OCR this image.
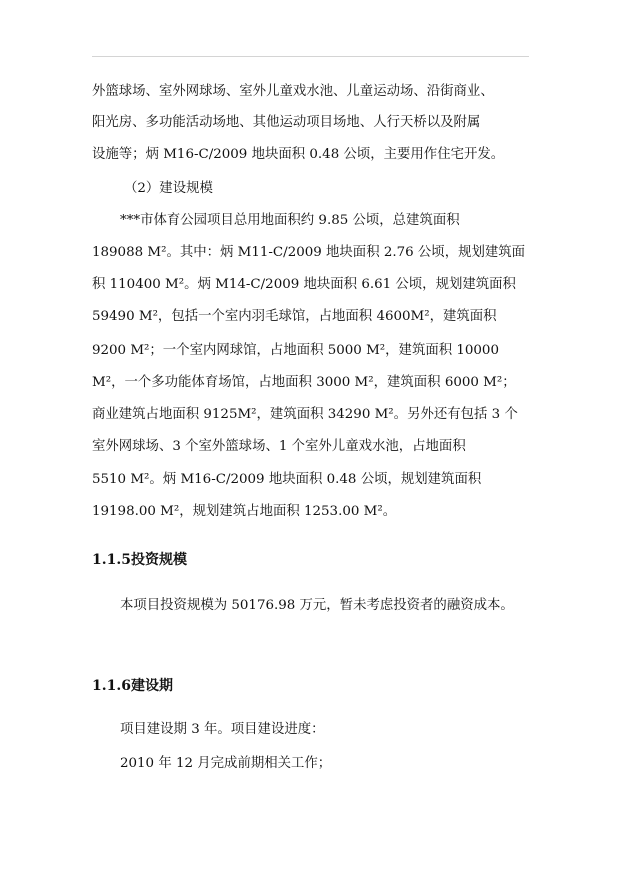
外篮球场、室外网球场、室外儿童戏水池、儿童运动场、沿街商业、
阳光房、多功能活动场地、其他运动项目场地、人行天桥以及附属
设施等；炳 M16-C/2009 地块面积 0.48 公顷，主要用作住宅开发。
（2）建设规模
***市体育公园项目总用地面积约 9.85 公顷，总建筑面积
189088 M²。其中：炳 M11-C/2009 地块面积 2.76 公顷，规划建筑面
积 110400 M²。炳 M14-C/2009 地块面积 6.61 公顷，规划建筑面积
59490 M²，包括一个室内羽毛球馆，占地面积 4600M²，建筑面积
9200 M²；一个室内网球馆，占地面积 5000 M²，建筑面积 10000
M²，一个多功能体育场馆，占地面积 3000 M²，建筑面积 6000 M²；
商业建筑占地面积 9125M²，建筑面积 34290 M²。另外还有包括 3 个
室外网球场、3 个室外篮球场、1 个室外儿童戏水池，占地面积
5510 M²。炳 M16-C/2009 地块面积 0.48 公顷，规划建筑面积
19198.00 M²，规划建筑占地面积 1253.00 M²。
1.1.5投资规模
本项目投资规模为 50176.98 万元，暂未考虑投资者的融资成本。
1.1.6建设期
项目建设期 3 年。项目建设进度：
2010 年 12 月完成前期相关工作；
